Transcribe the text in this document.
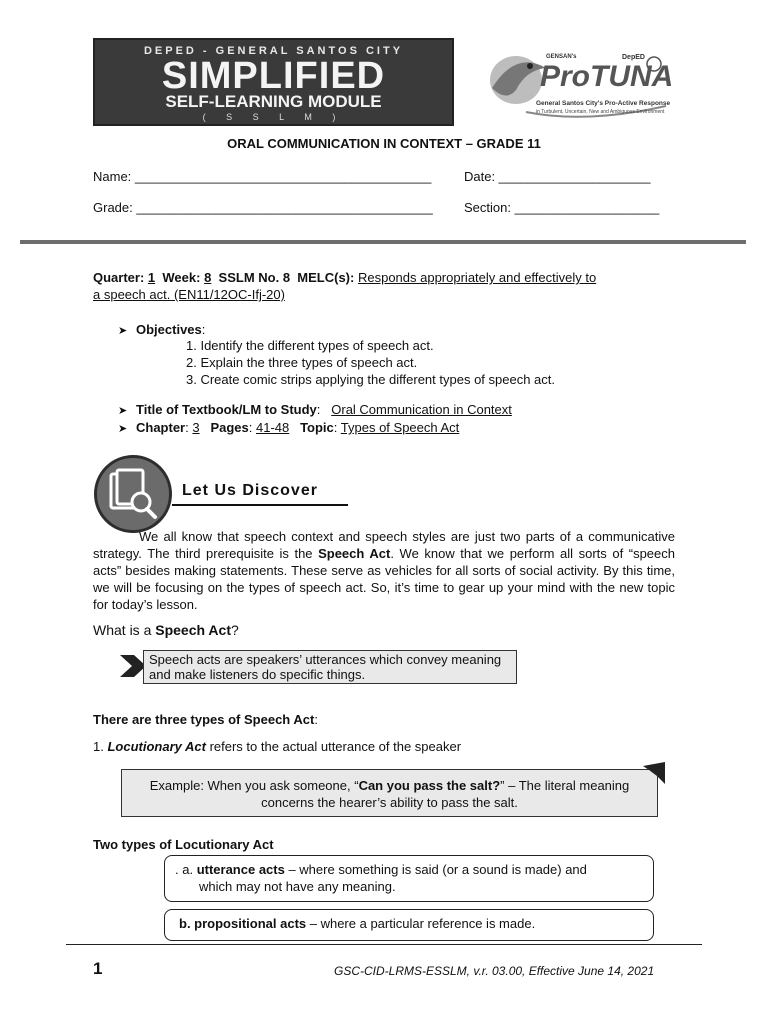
DEPED - GENERAL SANTOS CITY
SIMPLIFIED
SELF-LEARNING MODULE
( S S L M )
GENSAN's	DepED
ProTUNA
General Santos City's Pro-Active Response
in Turbulent, Uncertain, New and Ambiguous Environment
ORAL COMMUNICATION IN CONTEXT – GRADE 11
Name: _________________________________________	Date: _____________________
Grade: _________________________________________ Section: ____________________
Quarter: 1 Week: 8 SSLM No. 8 MELC(s): Responds appropriately and effectively to
a speech act. (EN11/12OC-Ifj-20)
➤ Objectives:
1. Identify the different types of speech act.
2. Explain the three types of speech act.
3. Create comic strips applying the different types of speech act.
➤ Title of Textbook/LM to Study:   Oral Communication in Context
➤ Chapter: 3 Pages: 41-48 Topic: Types of Speech Act
Let Us Discover
We all know that speech context and speech styles are just two parts of a communicative strategy. The third prerequisite is the Speech Act. We know that we perform all sorts of “speech acts” besides making statements. These serve as vehicles for all sorts of social activity. By this time, we will be focusing on the types of speech act. So, it’s time to gear up your mind with the new topic for today’s lesson.
What is a Speech Act?
Speech acts are speakers’ utterances which convey meaning and make listeners do specific things.
There are three types of Speech Act:
1. Locutionary Act refers to the actual utterance of the speaker
Example: When you ask someone, “Can you pass the salt?” – The literal meaning concerns the hearer’s ability to pass the salt.
Two types of Locutionary Act
. a. utterance acts – where something is said (or a sound is made) and
which may not have any meaning.
b. propositional acts – where a particular reference is made.
1	GSC-CID-LRMS-ESSLM, v.r. 03.00, Effective June 14, 2021
